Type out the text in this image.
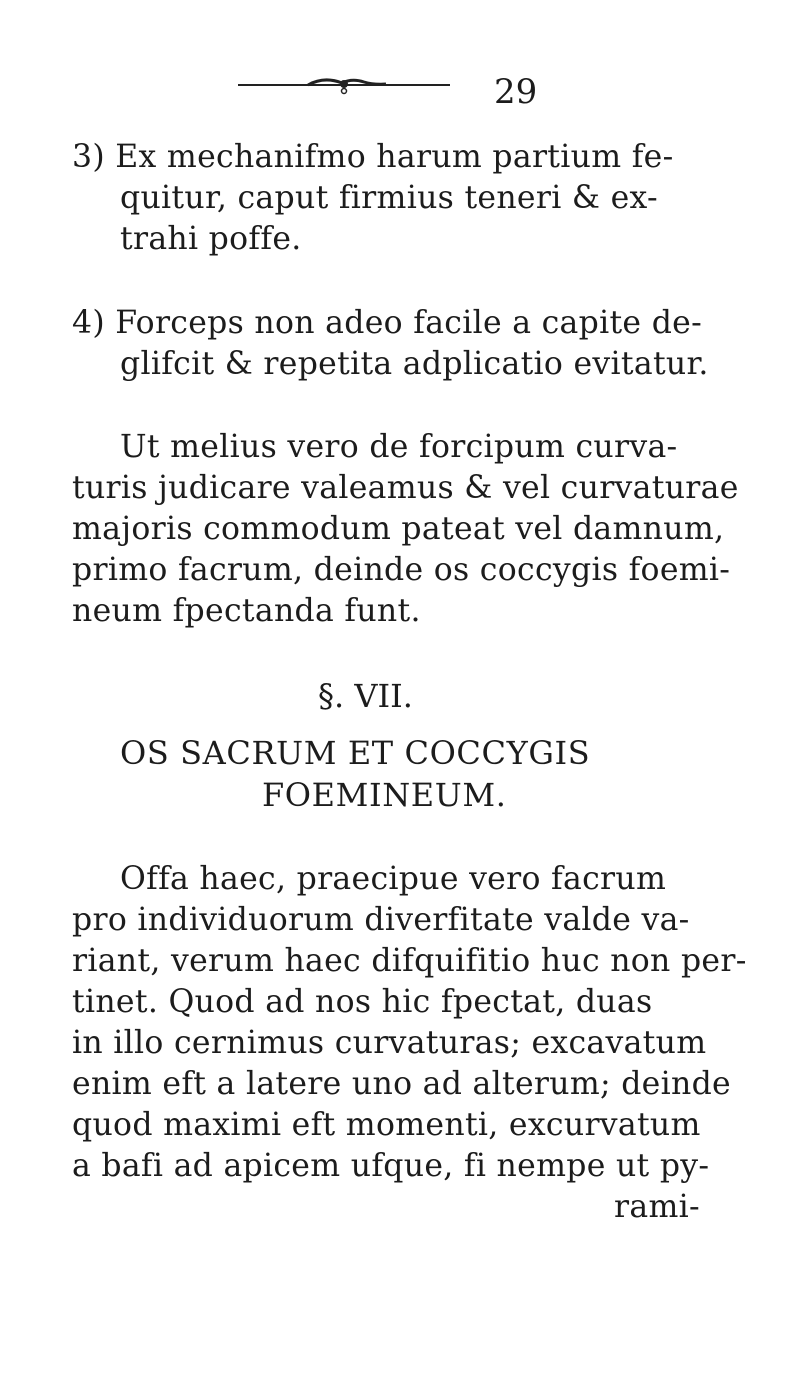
29
3) Ex mechanifmo harum partium fe-
quitur, caput firmius teneri & ex-
trahi poffe.
4) Forceps non adeo facile a capite de-
glifcit & repetita adplicatio evitatur.
Ut melius vero de forcipum curva-
turis judicare valeamus & vel curvaturae
majoris commodum pateat vel damnum,
primo facrum, deinde os coccygis foemi-
neum fpectanda funt.
§. VII.
OS SACRUM ET COCCYGIS
FOEMINEUM.
Offa haec, praecipue vero facrum
pro individuorum diverfitate valde va-
riant, verum haec difquifitio huc non per-
tinet. Quod ad nos hic fpectat, duas
in illo cernimus curvaturas; excavatum
enim eft a latere uno ad alterum; deinde
quod maximi eft momenti, excurvatum
a bafi ad apicem ufque, fi nempe ut py-
rami-
